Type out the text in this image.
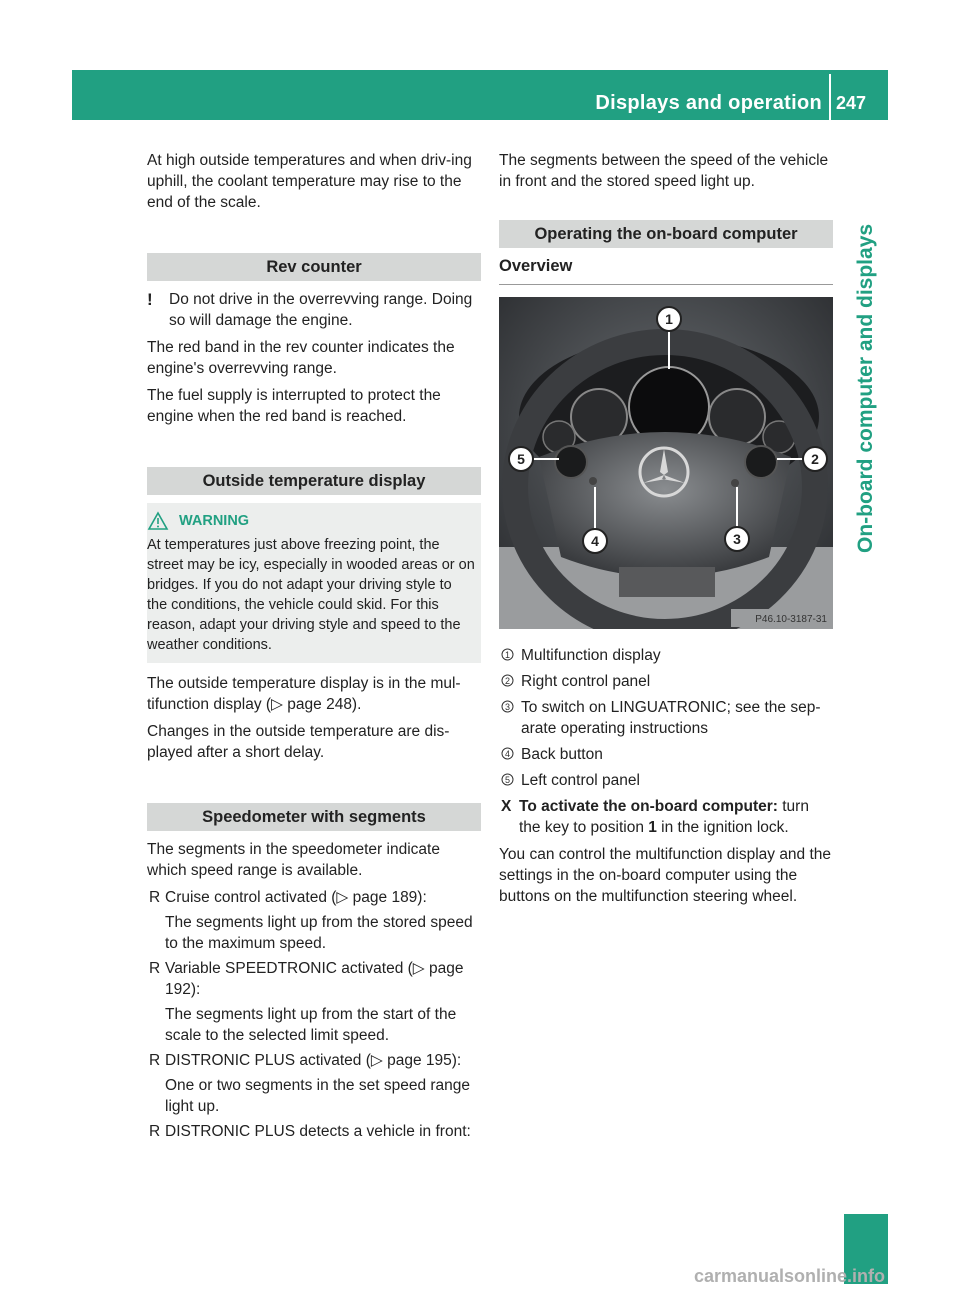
Displays and operation 247
On-board computer and displays

At high outside temperatures and when driv-ing uphill, the coolant temperature may rise to the end of the scale.

Rev counter
! Do not drive in the overrevving range. Doing so will damage the engine.

The red band in the rev counter indicates the engine's overrevving range.

The fuel supply is interrupted to protect the engine when the red band is reached.

Outside temperature display
WARNING
At temperatures just above freezing point, the street may be icy, especially in wooded areas or on bridges. If you do not adapt your driving style to the conditions, the vehicle could skid. For this reason, adapt your driving style and speed to the weather conditions.

The outside temperature display is in the mul-tifunction display (▷ page 248).

Changes in the outside temperature are dis-played after a short delay.

Speedometer with segments

The segments in the speedometer indicate which speed range is available.

R Cruise control activated (▷ page 189):
The segments light up from the stored speed to the maximum speed.
R Variable SPEEDTRONIC activated (▷ page 192):
The segments light up from the start of the scale to the selected limit speed.
R DISTRONIC PLUS activated (▷ page 195):
One or two segments in the set speed range light up.
R DISTRONIC PLUS detects a vehicle in front:

The segments between the speed of the vehicle in front and the stored speed light up.

Operating the on-board computer
Overview
1
2
3
4
5
P46.10-3187-31
1 Multifunction display
2 Right control panel
3 To switch on LINGUATRONIC; see the sep-arate operating instructions
4 Back button
5 Left control panel
X To activate the on-board computer: turn the key to position 1 in the ignition lock.

You can control the multifunction display and the settings in the on-board computer using the buttons on the multifunction steering wheel.

carmanualsonline.info
